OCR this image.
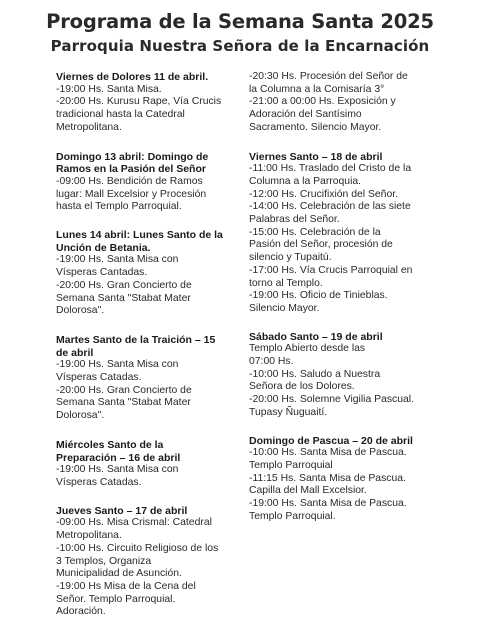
Programa de la Semana Santa 2025
Parroquia Nuestra Señora de la Encarnación
Viernes de Dolores 11 de abril.
-19:00 Hs. Santa Misa.
-20:00 Hs. Kurusu Rape, Vía Crucis
tradicional hasta la Catedral
Metropolitana.
Domingo 13 abril: Domingo de
Ramos en la Pasión del Señor
-09:00 Hs. Bendición de Ramos
lugar: Mall Excelsior y Procesión
hasta el Templo Parroquial.
Lunes 14 abril: Lunes Santo de la
Unción de Betania.
-19:00 Hs. Santa Misa con
Vísperas Cantadas.
-20:00 Hs. Gran Concierto de
Semana Santa "Stabat Mater
Dolorosa".
Martes Santo de la Traición – 15
de abril
-19:00 Hs. Santa Misa con
Vísperas Catadas.
-20:00 Hs. Gran Concierto de
Semana Santa "Stabat Mater
Dolorosa".
Miércoles Santo de la
Preparación – 16 de abril
-19:00 Hs. Santa Misa con
Vísperas Catadas.
Jueves Santo – 17 de abril
-09:00 Hs. Misa Crismal: Catedral
Metropolitana.
-10:00 Hs. Circuito Religioso de los
3 Templos, Organiza
Municipalidad de Asunción.
-19:00 Hs Misa de la Cena del
Señor. Templo Parroquial.
Adoración.
-20:30 Hs. Procesión del Señor de
la Columna a la Comisaría 3°
-21:00 a 00:00 Hs. Exposición y
Adoración del Santísimo
Sacramento. Silencio Mayor.
Viernes Santo – 18 de abril
-11:00 Hs. Traslado del Cristo de la
Columna a la Parroquia.
-12:00 Hs. Crucifixión del Señor.
-14:00 Hs. Celebración de las siete
Palabras del Señor.
-15:00 Hs. Celebración de la
Pasión del Señor, procesión de
silencio y Tupaitú.
-17:00 Hs. Vía Crucis Parroquial en
torno al Templo.
-19:00 Hs. Oficio de Tinieblas.
Silencio Mayor.
Sábado Santo – 19 de abril
Templo Abierto desde las
07:00 Hs.
-10:00 Hs. Saludo a Nuestra
Señora de los Dolores.
-20:00 Hs. Solemne Vigilia Pascual.
Tupasy Ñuguaití.
Domingo de Pascua – 20 de abril
-10:00 Hs. Santa Misa de Pascua.
Templo Parroquial
-11:15 Hs. Santa Misa de Pascua.
Capilla del Mall Excelsior.
-19:00 Hs. Santa Misa de Pascua.
Templo Parroquial.
